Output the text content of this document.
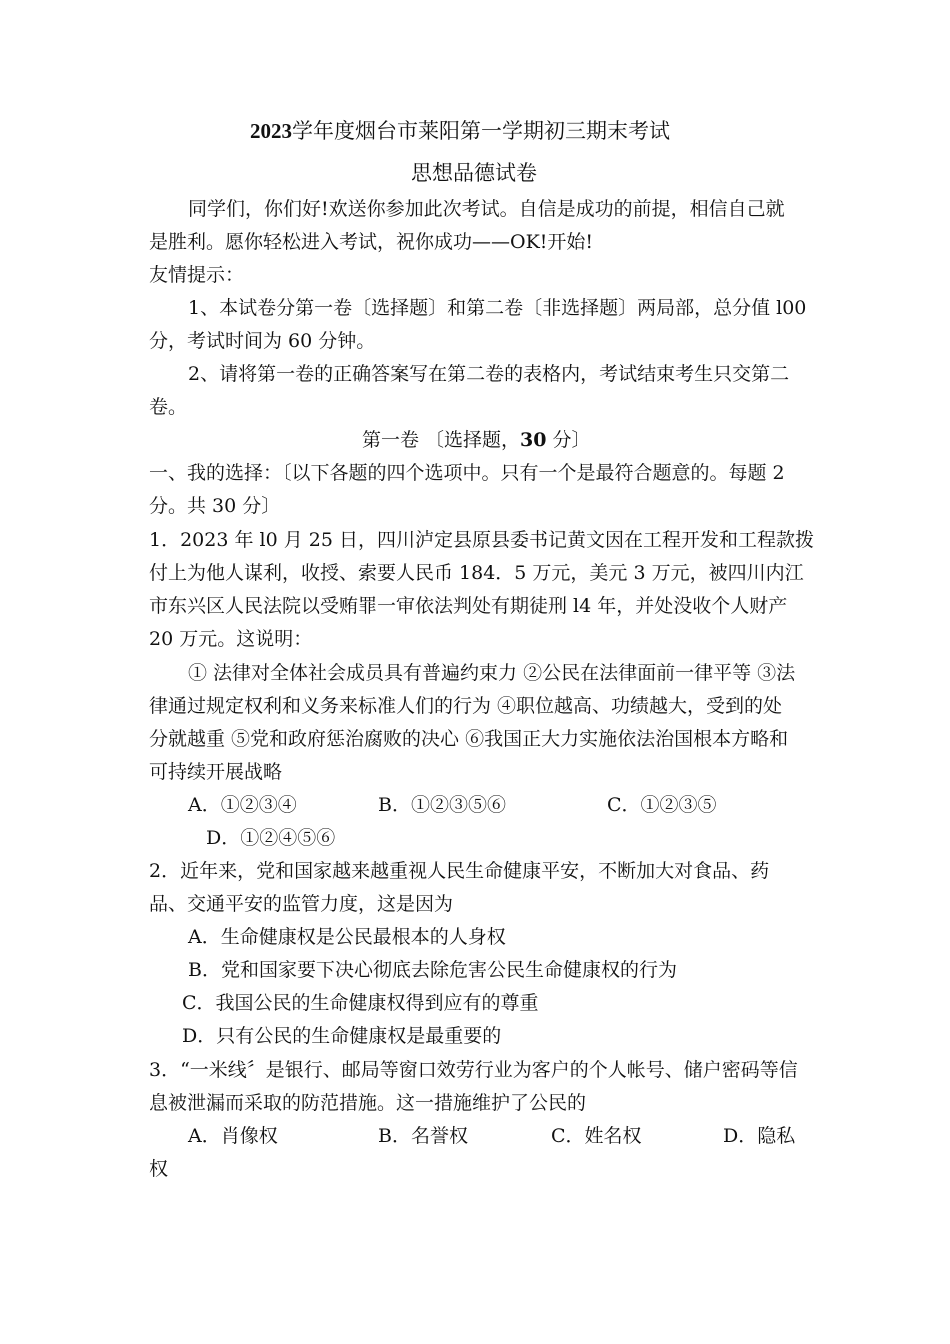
2023学年度烟台市莱阳第一学期初三期末考试
思想品德试卷
同学们，你们好!欢送你参加此次考试。自信是成功的前提，相信自己就
是胜利。愿你轻松进入考试，祝你成功——OK!开始!
友情提示：
1、本试卷分第一卷〔选择题〕和第二卷〔非选择题〕两局部，总分值 l00
分，考试时间为 60 分钟。
2、请将第一卷的正确答案写在第二卷的表格内，考试结束考生只交第二
卷。
第一卷 〔选择题，30 分〕
一、我的选择：〔以下各题的四个选项中。只有一个是最符合题意的。每题 2
分。共 30 分〕
1．2023 年 l0 月 25 日，四川泸定县原县委书记黄文因在工程开发和工程款拨
付上为他人谋利，收授、索要人民币 184．5 万元，美元 3 万元，被四川内江
市东兴区人民法院以受贿罪一审依法判处有期徒刑 l4 年，并处没收个人财产
20 万元。这说明：
① 法律对全体社会成员具有普遍约束力 ②公民在法律面前一律平等 ③法
律通过规定权利和义务来标准人们的行为 ④职位越高、功绩越大，受到的处
分就越重 ⑤党和政府惩治腐败的决心 ⑥我国正大力实施依法治国根本方略和
可持续开展战略
A．①②③④	B．①②③⑤⑥	C．①②③⑤
D．①②④⑤⑥
2．近年来，党和国家越来越重视人民生命健康平安，不断加大对食品、药
品、交通平安的监管力度，这是因为
A．生命健康权是公民最根本的人身权
B．党和国家要下决心彻底去除危害公民生命健康权的行为
C．我国公民的生命健康权得到应有的尊重
D．只有公民的生命健康权是最重要的
3．“一米线〞是银行、邮局等窗口效劳行业为客户的个人帐号、储户密码等信
息被泄漏而采取的防范措施。这一措施维护了公民的
A．肖像权	B．名誉权	C．姓名权	D．隐私
权
